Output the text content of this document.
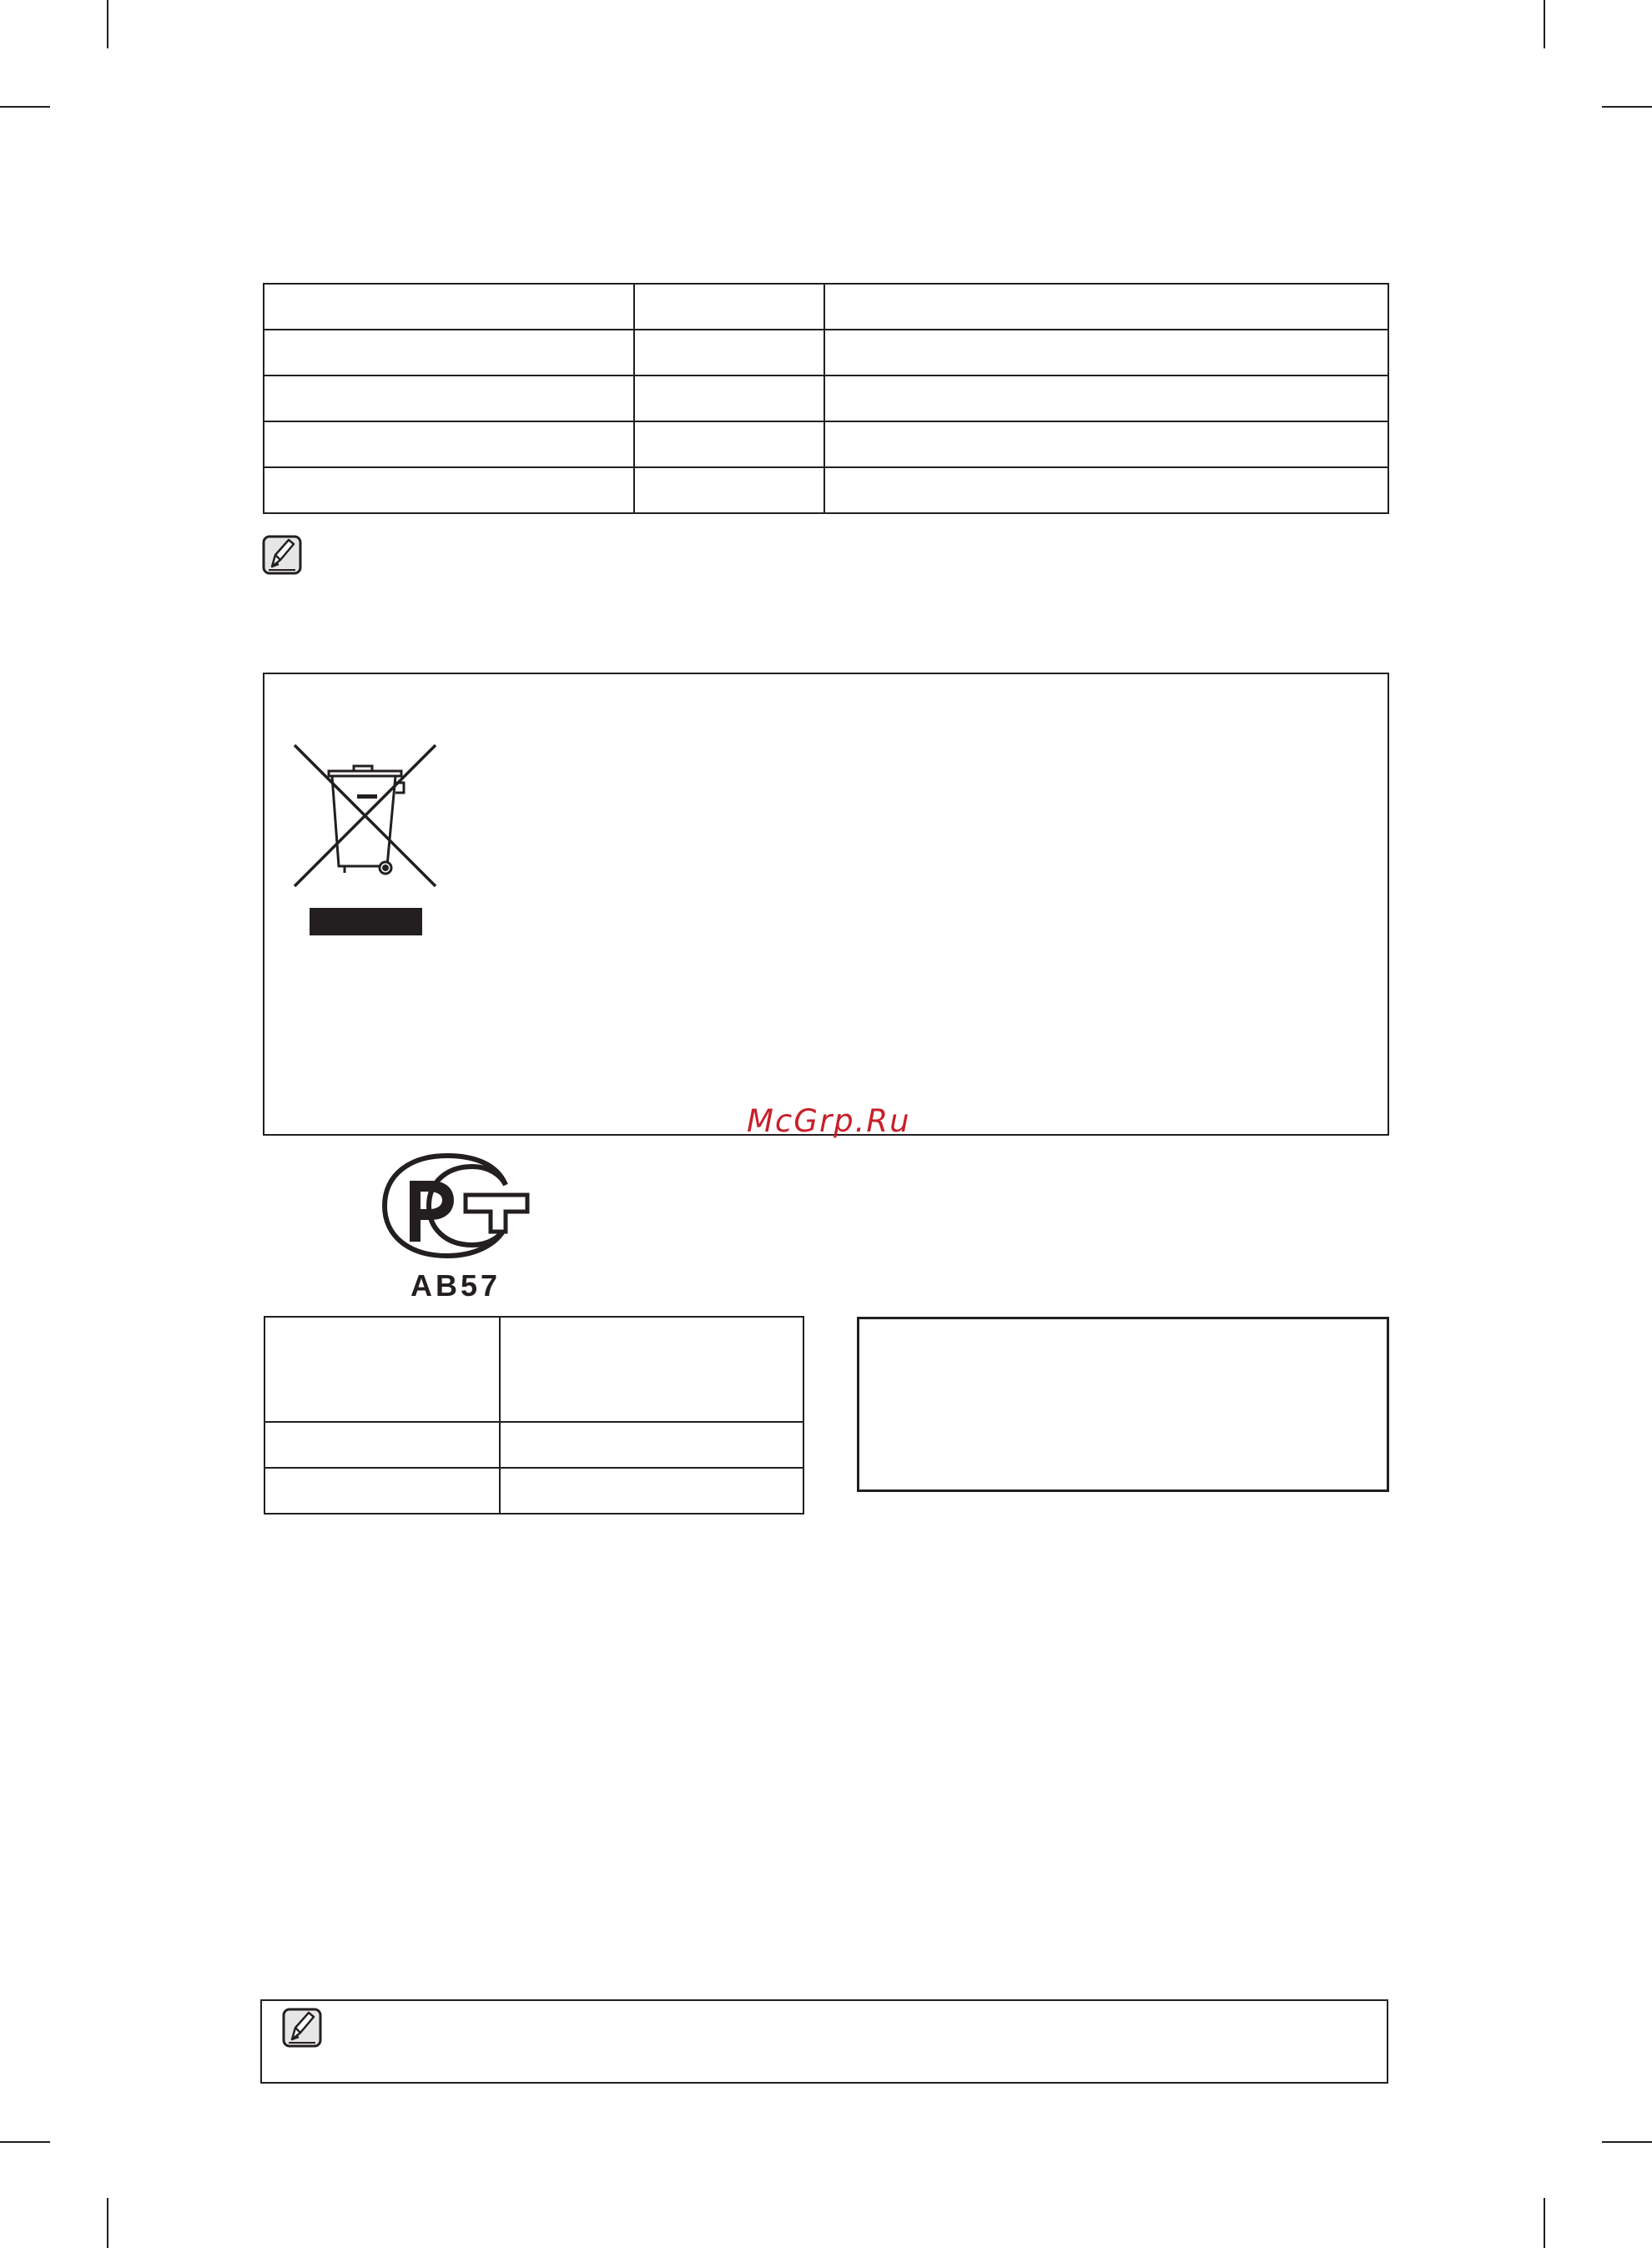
McGrp.Ru
AB57
